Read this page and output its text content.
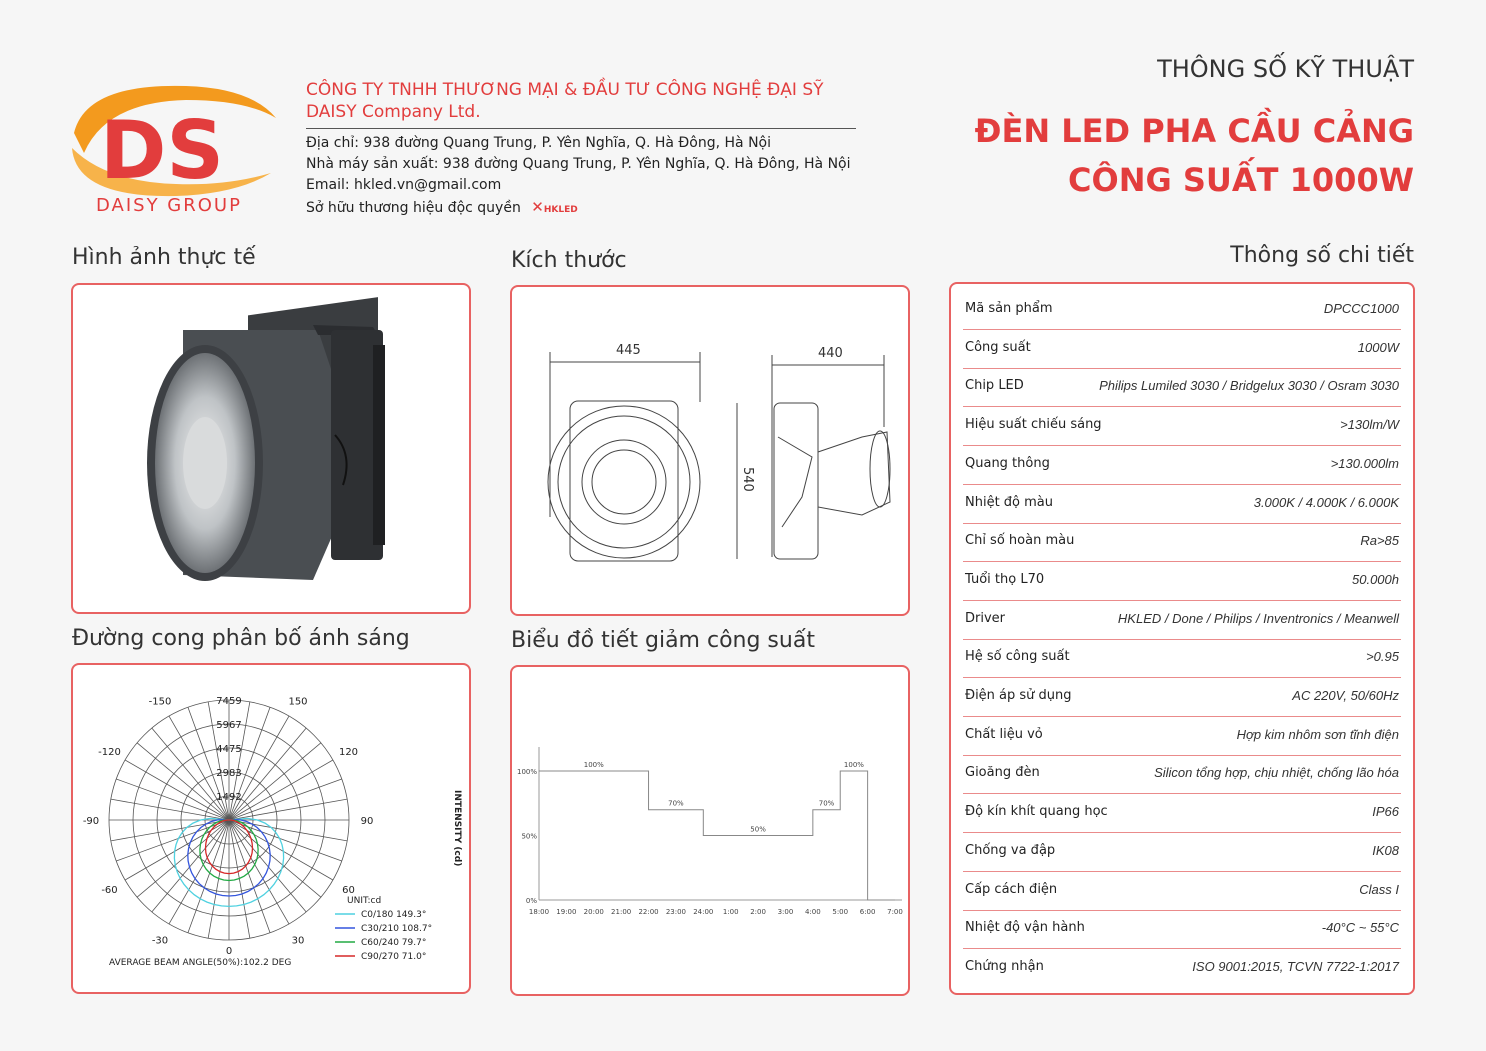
DS
DAISY GROUP
CÔNG TY TNHH THƯƠNG MẠI & ĐẦU TƯ CÔNG NGHỆ ĐẠI SỸ
DAISY Company Ltd.
Địa chỉ: 938 đường Quang Trung, P. Yên Nghĩa, Q. Hà Đông, Hà Nội
Nhà máy sản xuất: 938 đường Quang Trung, P. Yên Nghĩa, Q. Hà Đông, Hà Nội
Email: hkled.vn@gmail.com
Sở hữu thương hiệu độc quyền ✕HKLED
THÔNG SỐ KỸ THUẬT
ĐÈN LED PHA CẦU CẢNG
CÔNG SUẤT 1000W
Hình ảnh thực tế	Kích thước	Thông số chi tiết
Đường cong phân bố ánh sáng	Biểu đồ tiết giảm công suất
445	440
540
-150	150
-120	120
-90	90
-60	60
-30	30
0
7459
5967
4475
2983
1492	INTENSITY (cd)
UNIT:cd
C0/180 149.3°
C30/210 108.7°
C60/240 79.7°
C90/270 71.0°
AVERAGE BEAM ANGLE(50%):102.2 DEG
18:00 19:00 20:00 21:00 22:00 23:00 24:00 1:00 2:00 3:00 4:00 5:00 6:00 7:00
100%
50%
0%
100%
70%
50%
70%
100%
Mã sản phẩm	DPCCC1000
Công suất	1000W
Chip LED	Philips Lumiled 3030 / Bridgelux 3030 / Osram 3030
Hiệu suất chiếu sáng	>130lm/W
Quang thông	>130.000lm
Nhiệt độ màu	3.000K / 4.000K / 6.000K
Chỉ số hoàn màu	Ra>85
Tuổi thọ L70	50.000h
Driver	HKLED / Done / Philips / Inventronics / Meanwell
Hệ số công suất	>0.95
Điện áp sử dụng	AC 220V, 50/60Hz
Chất liệu vỏ	Hợp kim nhôm sơn tĩnh điện
Gioăng đèn	Silicon tổng hợp, chịu nhiệt, chống lão hóa
Độ kín khít quang học	IP66
Chống va đập	IK08
Cấp cách điện	Class I
Nhiệt độ vận hành	-40°C ~ 55°C
Chứng nhận	ISO 9001:2015, TCVN 7722-1:2017
